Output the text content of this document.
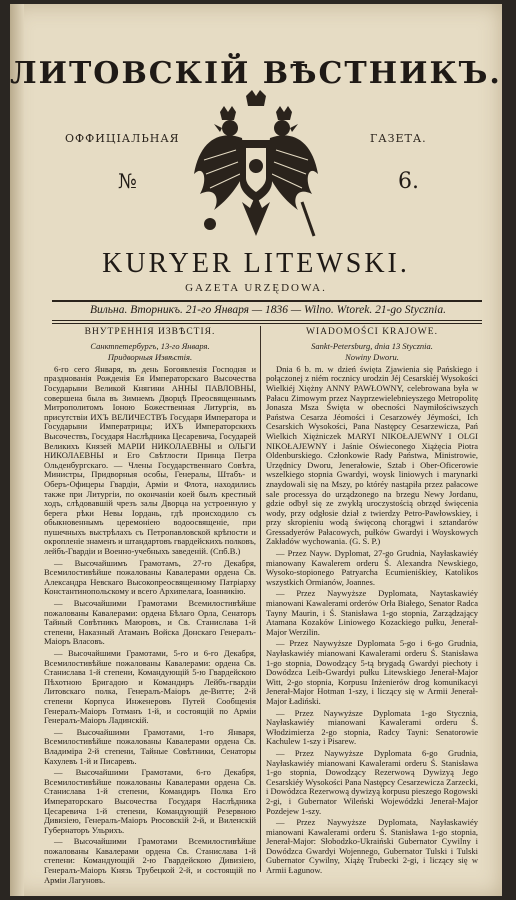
ЛИТОВСКІЙ ВѢСТНИКЪ.
ОФФИЦІАЛЬНАЯ	ГАЗЕТА.
№	6.
KURYER LITEWSKI.
GAZETA URZĘDOWA.
Вильна. Вторникъ. 21-го Января — 1836 — Wilno. Wtorek. 21-go Stycznia.
ВНУТРЕННІЯ ИЗВѢСТІЯ.

Санктпетербургъ, 13-го Января.

Придворныя Извѣстія.

6-го сего Января, въ день Богоявленія Господня и празднованія Рожденія Ея Императорскаго Высочества Государыни Великой Княгини АННЫ ПАВЛОВНЫ, совершена была въ Зимнемъ Дворцѣ Преосвященнымъ Митрополитомъ Іоною Божественная Литургія, въ присутствіи ИХЪ ВЕЛИЧЕСТВЪ Государя Императора и Государыни Императрицы; ИХЪ Императорскихъ Высочествъ, Государя Наслѣдника Цесаревича, Государей Великихъ Князей МАРІИ НИКОЛАЕВНЫ и ОЛЬГИ НИКОЛАЕВНЫ и Его Свѣтлости Принца Петра Ольденбургскаго. — Члены Государственнаго Совѣта, Министры, Придворныя особы, Генералы, Штабъ- и Оберъ-Офицеры Гвардіи, Арміи и Флота, находились также при Литургіи, по окончаніи коей былъ крестный ходъ, слѣдовавшій чрезъ залы Дворца на устроенную у берега рѣки Невы Іордань, гдѣ происходило съ обыкновеннымъ церемоніею водоосвященіе, при пушечныхъ выстрѣлахъ съ Петропавловской крѣпости и окропленіе знаменъ и штандартовъ гвардейскихъ полковъ, лейбъ-Гвардіи и Военно-учебныхъ заведеній. (Спб.В.)

— Высочайшимъ Грамотамъ, 27-го Декабря, Всемилостивѣйше пожалованы Кавалерами ордена Св. Александра Невскаго Высокопреосвященному Патріарху Константинопольскому и всего Архипелага, Іоанникію.

— Высочайшими Грамотами Всемилостивѣйше пожалованы Кавалерами: ордена Бѣлаго Орла, Сенаторъ Тайный Совѣтникъ Маюровъ, и Св. Станислава 1-й степени, Наказный Атаманъ Войска Донскаго Генералъ-Маіоръ Власовъ.

— Высочайшими Грамотами, 5-го и 6-го Декабря, Всемилостивѣйше пожалованы Кавалерами: ордена Св. Станислава 1-й степени, Командующій 5-ю Гвардейскою Пѣхотною Бригадою и Командиръ Лейбъ-гвардіи Литовскаго полка, Генералъ-Маіоръ де-Витте; 2-й степени Корпуса Инженеровъ Путей Сообщенія Генералъ-Маіоръ Готманъ 1-й, и состоящій по Арміи Генералъ-Маіоръ Ладинскій.

— Высочайшими Грамотами, 1-го Января, Всемилостивѣйше пожалованы Кавалерами ордена Св. Владиміра 2-й степени, Тайные Совѣтники, Сенаторы Кахулевъ 1-й и Писаревъ.

— Высочайшими Грамотами, 6-го Декабря, Всемилостивѣйше пожалованы Кавалерами ордена Св. Станислава 1-й степени, Командиръ Полка Его Императорскаго Высочества Государя Наслѣдника Цесаревича 1-й степени, Командующій Резервною Дивизіею, Генералъ-Маіоръ Рюсовскій 2-й, и Виленскій Губернаторъ Ульрихъ.

— Высочайшими Грамотами Всемилостивѣйше пожалованы Кавалерами ордена Св. Станислава 1-й степени: Командующій 2-ю Гвардейскою Дивизіею, Генералъ-Маіоръ Князь Трубецкой 2-й, и состоящій по Арміи Лагуновъ.

WIADOMOŚCI KRAJOWE.

Sankt-Petersburg, dnia 13 Stycznia.

Nowiny Dworu.

Dnia 6 b. m. w dzień święta Zjawienia się Pańskiego i połączonej z niém rocznicy urodzin Jéj Cesarskiéj Wysokości Wielkiéj Xiężny ANNY PAWŁOWNY, celebrowana była w Pałacu Zimowym przez Nayprzewielebnieyszego Metropolitę Jonasza Msza Święta w obecności Naymiłościwszych Państwa Cesarza Jéomości i Cesarzowéy Jéymości, Ich Cesarskich Wysokości, Pana Następcy Cesarzewicza, Pań Wielkich Xiężniczek MARYI NIKOŁAJEWNY I OLGI NIKOŁAJEWNY i Jaśnie Oświeconego Xiążęcia Piotra Oldenburskiego. Członkowie Rady Państwa, Ministrowie, Urzędnicy Dworu, Jenerałowie, Sztab i Ober-Oficerowie wszelkiego stopnia Gwardyi, woysk liniowych i marynarki znaydowali się na Mszy, po któréy nastąpiła przez pałacowe sale processya do urządzonego na brzegu Newy Jordanu, gdzie odbył się ze zwykłą uroczystością obrzęd święcenia wody, przy odgłosie dział z twierdzy Petro-Pawłowskiey, i przy skropieniu wodą święconą chorągwi i sztandarów Gressadyerów Pałacowych, pułków Gwardyi i Woyskowych Zakładów wychowania. (G. S. P.)

— Przez Nayw. Dyplomat, 27-go Grudnia, Nayłaskawiéy mianowany Kawalerem orderu Ś. Alexandra Newskiego, Wysoko-stopionego Patryarcha Ecumieniśkiey, Katolikos wszystkich Ormianów, Joannes.

— Przez Naywyższe Dyplomata, Naytaskawiéy mianowani Kawalerami orderów Orła Białego, Senator Radca Tayny Maurin, i Ś. Stanisława 1-go stopnia, Zarządzający Atamana Kozaków Liniowego Kozackiego pułku, Jenerał-Major Werzilin.

— Przez Naywyższe Dyplomata 5-go i 6-go Grudnia, Nayłaskawiéy mianowani Kawalerami orderu Ś. Stanisława 1-go stopnia, Dowodzący 5-tą brygadą Gwardyi piechoty i Dowódzca Leib-Gwardyi pułku Litewskiego Jenerał-Major Witt, 2-go stopnia, Korpusu Inżenierów drog komunikacyi Jenerał-Major Hotman 1-szy, i liczący się w Armii Jenerał-Major Ładiński.

— Przez Naywyższe Dyplomata 1-go Stycznia, Nayłaskawiéy mianowani Kawalerami orderu Ś. Włodzimierza 2-go stopnia, Radcy Tayni: Senatorowie Kachulew 1-szy i Pisarew.

— Przez Naywyższe Dyplomata 6-go Grudnia, Nayłaskawiéy mianowani Kawalerami orderu Ś. Stanisława 1-go stopnia, Dowodzący Rezerwową Dywizyą Jego Cesarskiéy Wysokości Pana Następcy Cesarzewicza Zarzecki, i Dowódzca Rezerwową dywizyą korpusu pieszego Rogowski 2-gi, i Gubernator Wileński Wojewódzki Jenerał-Major Pozdejew 1-szy.

— Przez Naywyższe Dyplomata, Nayłaskawiéy mianowani Kawalerami orderu Ś. Stanisława 1-go stopnia, Jenerał-Major: Słobodzko-Ukraiński Gubernator Cywilny i Dowódzca Gwardyi Wojennego, Gubernator Tulski i Tulski Gubernator Cywilny, Xiążę Trubecki 2-gi, i liczący się w Armii Łagunow.
